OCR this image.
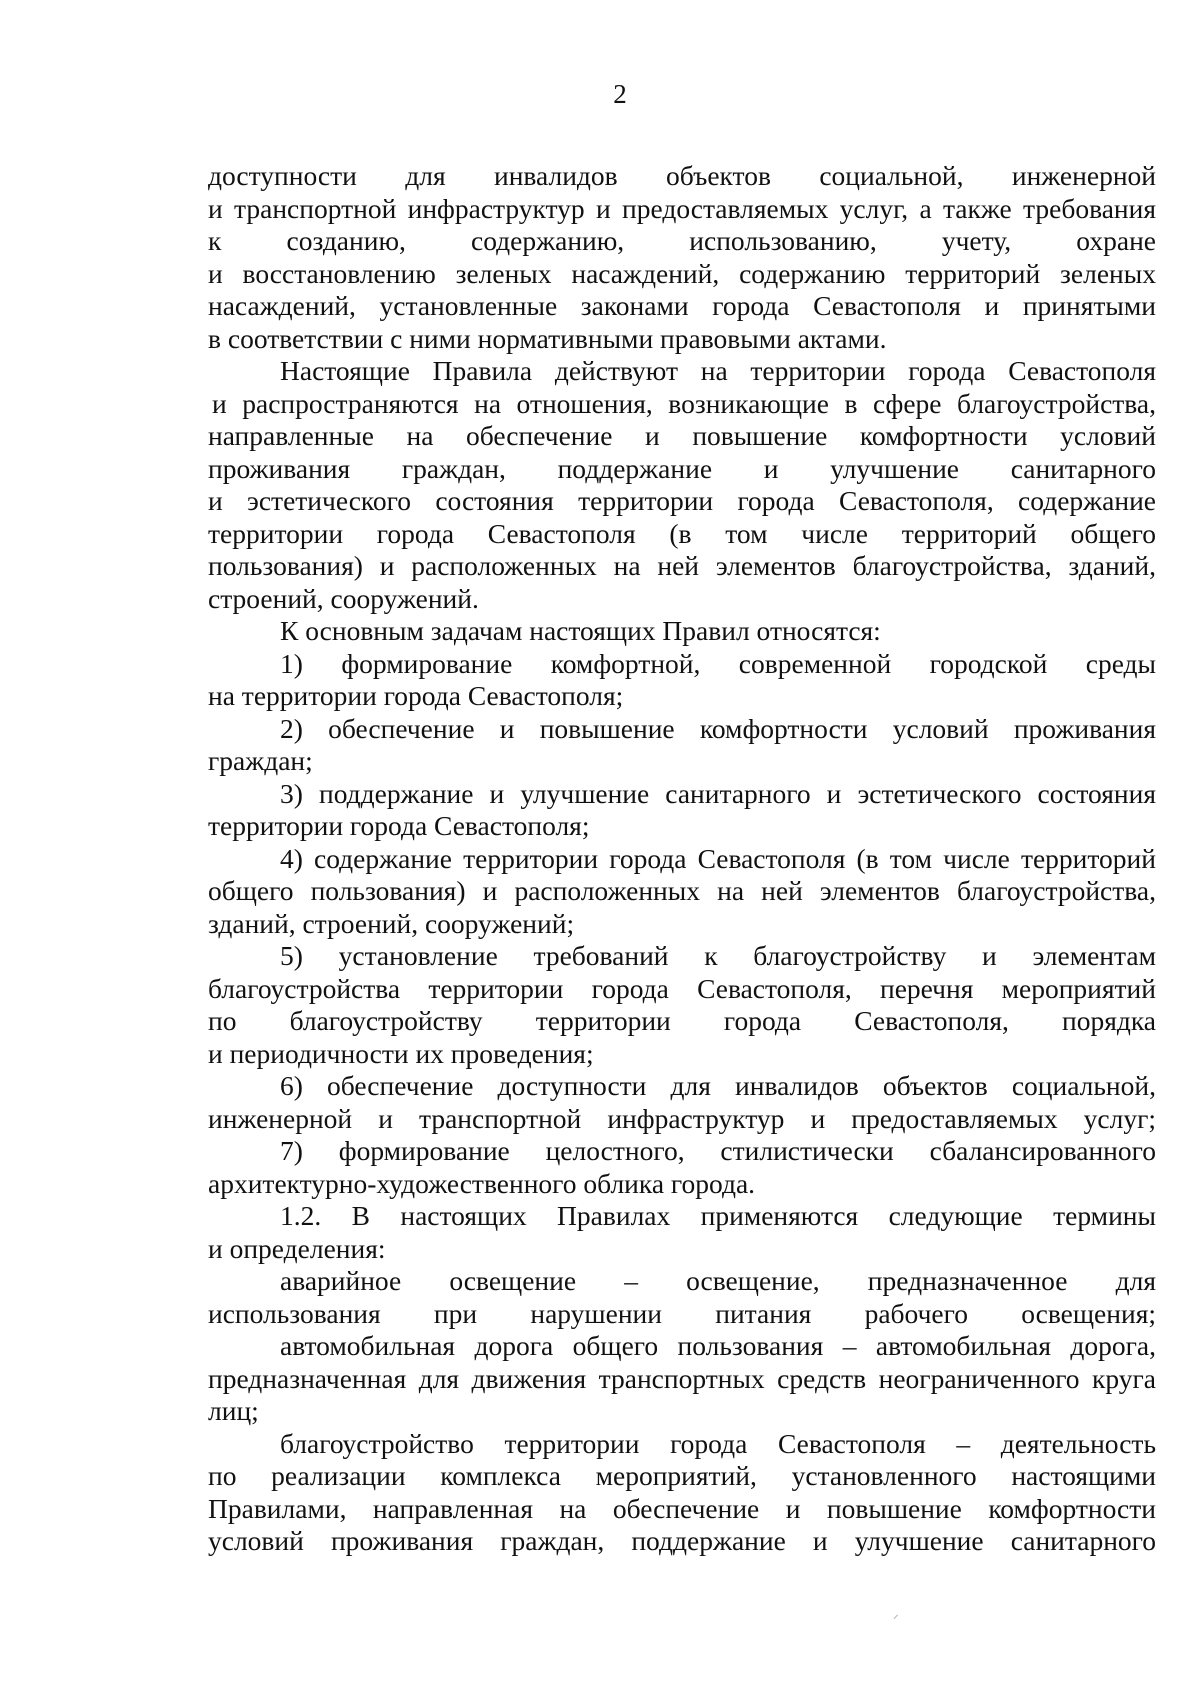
2
доступности для инвалидов объектов социальной, инженерной
и транспортной инфраструктур и предоставляемых услуг, а также требования
к созданию, содержанию, использованию, учету, охране
и восстановлению зеленых насаждений, содержанию территорий зеленых
насаждений, установленные законами города Севастополя и принятыми
в соответствии с ними нормативными правовыми актами.
Настоящие Правила действуют на территории города Севастополя
и распространяются на отношения, возникающие в сфере благоустройства,
направленные на обеспечение и повышение комфортности условий
проживания граждан, поддержание и улучшение санитарного
и эстетического состояния территории города Севастополя, содержание
территории города Севастополя (в том числе территорий общего
пользования) и расположенных на ней элементов благоустройства, зданий,
строений, сооружений.
К основным задачам настоящих Правил относятся:
1) формирование комфортной, современной городской среды
на территории города Севастополя;
2) обеспечение и повышение комфортности условий проживания
граждан;
3) поддержание и улучшение санитарного и эстетического состояния
территории города Севастополя;
4) содержание территории города Севастополя (в том числе территорий
общего пользования) и расположенных на ней элементов благоустройства,
зданий, строений, сооружений;
5) установление требований к благоустройству и элементам
благоустройства территории города Севастополя, перечня мероприятий
по благоустройству территории города Севастополя, порядка
и периодичности их проведения;
6) обеспечение доступности для инвалидов объектов социальной,
инженерной и транспортной инфраструктур и предоставляемых услуг;
7) формирование целостного, стилистически сбалансированного
архитектурно-художественного облика города.
1.2. В настоящих Правилах применяются следующие термины
и определения:
аварийное освещение – освещение, предназначенное для
использования при нарушении питания рабочего освещения;
автомобильная дорога общего пользования – автомобильная дорога,
предназначенная для движения транспортных средств неограниченного круга
лиц;
благоустройство территории города Севастополя – деятельность
по реализации комплекса мероприятий, установленного настоящими
Правилами, направленная на обеспечение и повышение комфортности
условий проживания граждан, поддержание и улучшение санитарного
⸝
